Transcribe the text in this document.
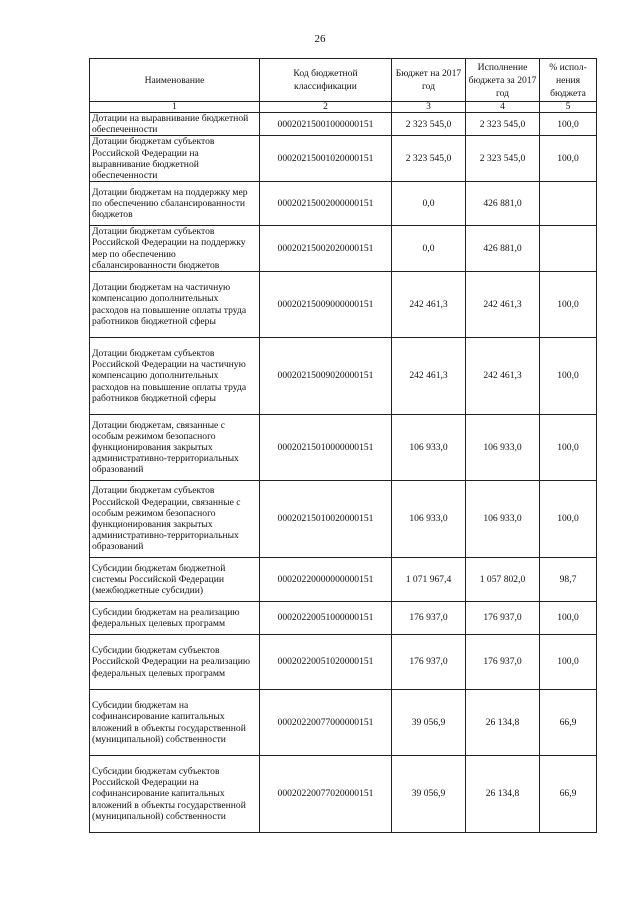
26
Наименование	Код бюджетной классификации	Бюджет на 2017 год	Исполнение бюджета за 2017 год	% испол-нения бюджета
1	2	3	4	5
Дотации на выравнивание бюджетной обеспеченности	00020215001000000151	2 323 545,0	2 323 545,0	100,0
Дотации бюджетам субъектов Российской Федерации на выравнивание бюджетной обеспеченности	00020215001020000151	2 323 545,0	2 323 545,0	100,0
Дотации бюджетам на поддержку мер по обеспечению сбалансированности бюджетов	00020215002000000151	0,0	426 881,0	
Дотации бюджетам субъектов Российской Федерации на поддержку мер по обеспечению сбалансированности бюджетов	00020215002020000151	0,0	426 881,0	
Дотации бюджетам на частичную компенсацию дополнительных расходов на повышение оплаты труда работников бюджетной сферы	00020215009000000151	242 461,3	242 461,3	100,0
Дотации бюджетам субъектов Российской Федерации на частичную компенсацию дополнительных расходов на повышение оплаты труда работников бюджетной сферы	00020215009020000151	242 461,3	242 461,3	100,0
Дотации бюджетам, связанные с особым режимом безопасного функционирования закрытых административно-территориальных образований	00020215010000000151	106 933,0	106 933,0	100,0
Дотации бюджетам субъектов Российской Федерации, связанные с особым режимом безопасного функционирования закрытых административно-территориальных образований	00020215010020000151	106 933,0	106 933,0	100,0
Субсидии бюджетам бюджетной системы Российской Федерации (межбюджетные субсидии)	00020220000000000151	1 071 967,4	1 057 802,0	98,7
Субсидии бюджетам на реализацию федеральных целевых программ	00020220051000000151	176 937,0	176 937,0	100,0
Субсидии бюджетам субъектов Российской Федерации на реализацию федеральных целевых программ	00020220051020000151	176 937,0	176 937,0	100,0
Субсидии бюджетам на софинансирование капитальных вложений в объекты государственной (муниципальной) собственности	00020220077000000151	39 056,9	26 134,8	66,9
Субсидии бюджетам субъектов Российской Федерации на софинансирование капитальных вложений в объекты государственной (муниципальной) собственности	00020220077020000151	39 056,9	26 134,8	66,9
